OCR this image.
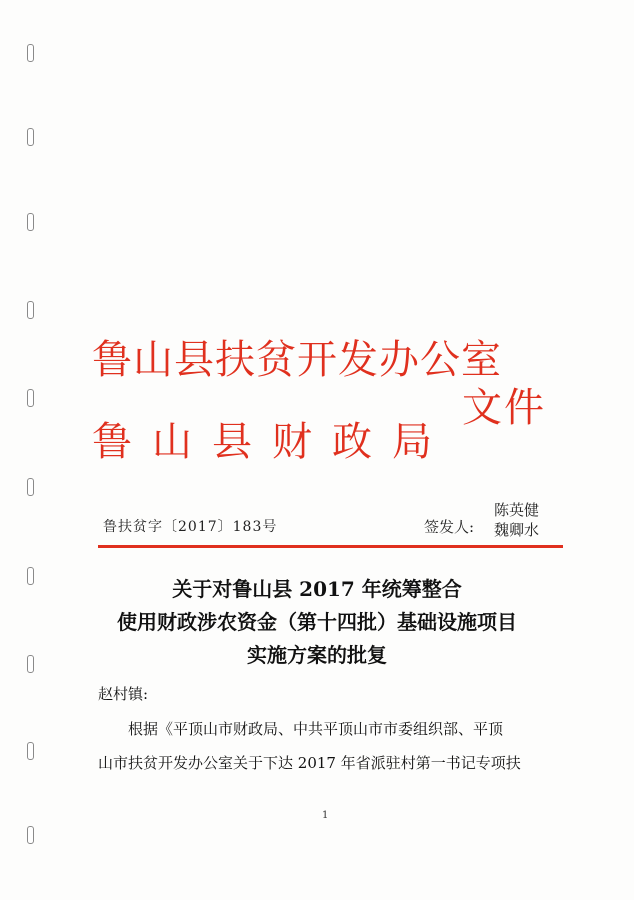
鲁山县扶贫开发办公室
鲁山县财政局
文件
鲁扶贫字〔2017〕183号	签发人:
陈英健
魏卿水
关于对鲁山县 2017 年统筹整合
使用财政涉农资金（第十四批）基础设施项目
实施方案的批复
赵村镇:
根据《平顶山市财政局、中共平顶山市市委组织部、平顶
山市扶贫开发办公室关于下达 2017 年省派驻村第一书记专项扶
1
